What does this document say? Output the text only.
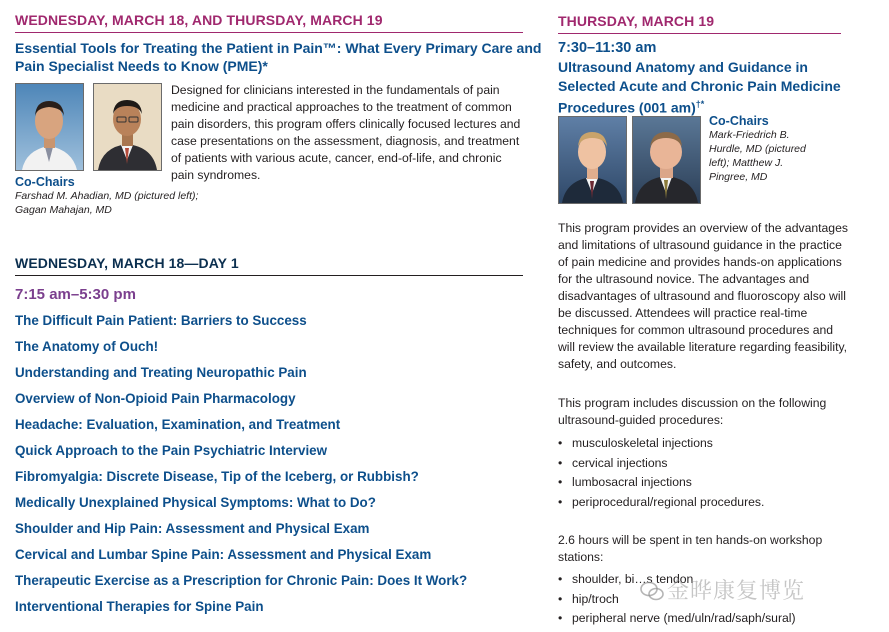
WEDNESDAY, MARCH 18, AND THURSDAY, MARCH 19
Essential Tools for Treating the Patient in Pain™: What Every Primary Care and
Pain Specialist Needs to Know (PME)*
Designed for clinicians interested in the fundamentals of pain medicine and practical approaches to the treatment of common pain disorders, this program offers clinically focused lectures and case presentations on the assessment, diagnosis, and treatment of patients with various acute, cancer, end-of-life, and chronic pain syndromes.
Co-Chairs
Farshad M. Ahadian, MD (pictured left);
Gagan Mahajan, MD
WEDNESDAY, MARCH 18—DAY 1
7:15 am–5:30 pm
The Difficult Pain Patient: Barriers to Success
The Anatomy of Ouch!
Understanding and Treating Neuropathic Pain
Overview of Non-Opioid Pain Pharmacology
Headache: Evaluation, Examination, and Treatment
Quick Approach to the Pain Psychiatric Interview
Fibromyalgia: Discrete Disease, Tip of the Iceberg, or Rubbish?
Medically Unexplained Physical Symptoms: What to Do?
Shoulder and Hip Pain: Assessment and Physical Exam
Cervical and Lumbar Spine Pain: Assessment and Physical Exam
Therapeutic Exercise as a Prescription for Chronic Pain: Does It Work?
Interventional Therapies for Spine Pain
THURSDAY, MARCH 19
7:30–11:30 am
Ultrasound Anatomy and Guidance in
Selected Acute and Chronic Pain Medicine
Procedures (001 am)†*
Co-Chairs
Mark-Friedrich B.
Hurdle, MD (pictured
left); Matthew J.
Pingree, MD
This program provides an overview of the advantages and limitations of ultrasound guidance in the practice of pain medicine and provides hands-on applications for the ultrasound novice. The advantages and disadvantages of ultrasound and fluoroscopy also will be discussed. Attendees will practice real-time techniques for common ultrasound procedures and will review the available literature regarding feasibility, safety, and outcomes.
This program includes discussion on the following ultrasound-guided procedures:
• musculoskeletal injections
• cervical injections
• lumbosacral injections
• periprocedural/regional procedures.
2.6 hours will be spent in ten hands-on workshop stations:
• shoulder, bi…s tendon
• hip/troch
• peripheral nerve (med/uln/rad/saph/sural)
金晔康复博览
